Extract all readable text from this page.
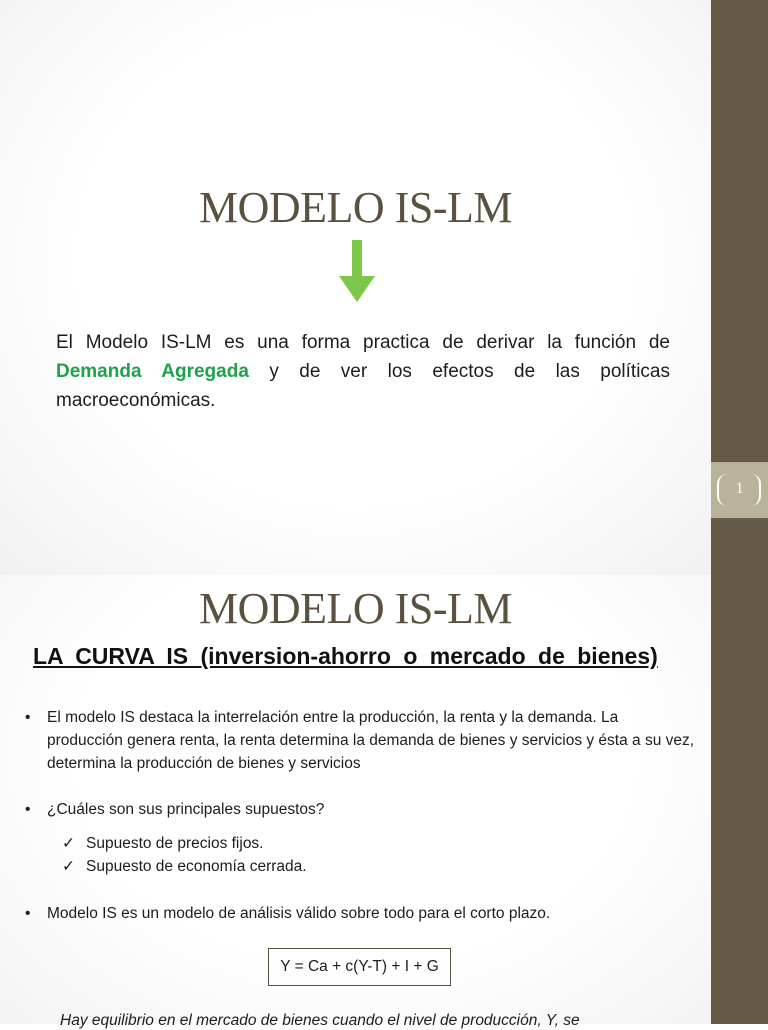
MODELO IS-LM
El Modelo IS-LM es una forma practica de derivar la función de Demanda Agregada y de ver los efectos de las políticas macroeconómicas.
MODELO IS-LM
LA CURVA IS (inversion-ahorro o mercado de bienes)
• El modelo IS destaca la interrelación entre la producción, la renta y la demanda. La producción genera renta, la renta determina la demanda de bienes y servicios y ésta a su vez, determina la producción de bienes y servicios
• ¿Cuáles son sus principales supuestos?
✓ Supuesto de precios fijos.
✓ Supuesto de economía cerrada.
• Modelo IS es un modelo de análisis válido sobre todo para el corto plazo.
Y = Ca + c(Y-T) + I + G
Hay equilibrio en el mercado de bienes cuando el nivel de producción, Y, se
1
